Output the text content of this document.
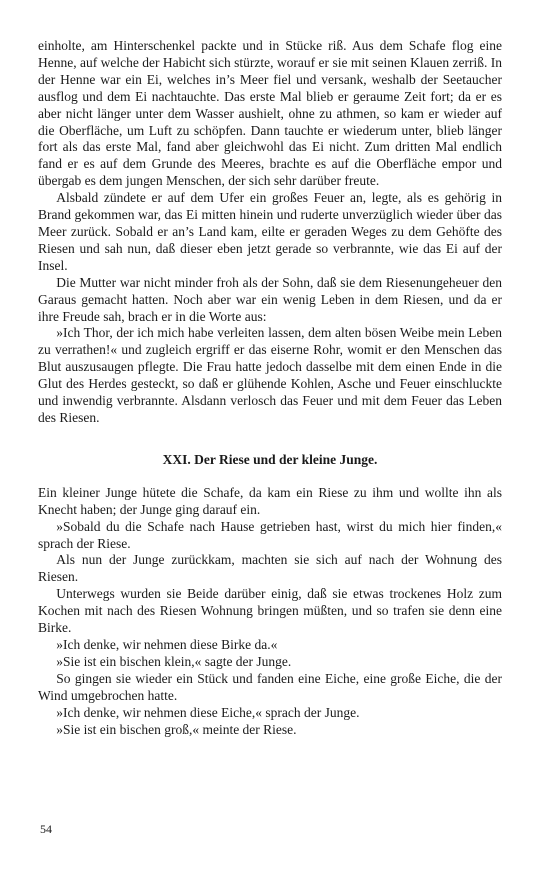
einholte, am Hinterschenkel packte und in Stücke riß. Aus dem Schafe flog eine Henne, auf welche der Habicht sich stürzte, worauf er sie mit seinen Klauen zerriß. In der Henne war ein Ei, welches in’s Meer fiel und versank, weshalb der Seetaucher ausflog und dem Ei nachtauchte. Das erste Mal blieb er geraume Zeit fort; da er es aber nicht länger unter dem Wasser aushielt, ohne zu athmen, so kam er wieder auf die Oberfläche, um Luft zu schöpfen. Dann tauchte er wiederum unter, blieb länger fort als das erste Mal, fand aber gleichwohl das Ei nicht. Zum dritten Mal endlich fand er es auf dem Grunde des Meeres, brachte es auf die Oberfläche empor und übergab es dem jungen Menschen, der sich sehr darüber freute.

Alsbald zündete er auf dem Ufer ein großes Feuer an, legte, als es gehörig in Brand gekommen war, das Ei mitten hinein und ruderte unverzüglich wieder über das Meer zurück. Sobald er an’s Land kam, eilte er geraden Weges zu dem Gehöfte des Riesen und sah nun, daß dieser eben jetzt gerade so verbrannte, wie das Ei auf der Insel.

Die Mutter war nicht minder froh als der Sohn, daß sie dem Riesenungeheuer den Garaus gemacht hatten. Noch aber war ein wenig Leben in dem Riesen, und da er ihre Freude sah, brach er in die Worte aus:

»Ich Thor, der ich mich habe verleiten lassen, dem alten bösen Weibe mein Leben zu verrathen!« und zugleich ergriff er das eiserne Rohr, womit er den Menschen das Blut auszusaugen pflegte. Die Frau hatte jedoch dasselbe mit dem einen Ende in die Glut des Herdes gesteckt, so daß er glühende Kohlen, Asche und Feuer einschluckte und inwendig verbrannte. Alsdann verlosch das Feuer und mit dem Feuer das Leben des Riesen.

XXI. Der Riese und der kleine Junge.

Ein kleiner Junge hütete die Schafe, da kam ein Riese zu ihm und wollte ihn als Knecht haben; der Junge ging darauf ein.

»Sobald du die Schafe nach Hause getrieben hast, wirst du mich hier finden,« sprach der Riese.

Als nun der Junge zurückkam, machten sie sich auf nach der Wohnung des Riesen.

Unterwegs wurden sie Beide darüber einig, daß sie etwas trockenes Holz zum Kochen mit nach des Riesen Wohnung bringen müßten, und so trafen sie denn eine Birke.

»Ich denke, wir nehmen diese Birke da.«

»Sie ist ein bischen klein,« sagte der Junge.

So gingen sie wieder ein Stück und fanden eine Eiche, eine große Eiche, die der Wind umgebrochen hatte.

»Ich denke, wir nehmen diese Eiche,« sprach der Junge.

»Sie ist ein bischen groß,« meinte der Riese.

54
